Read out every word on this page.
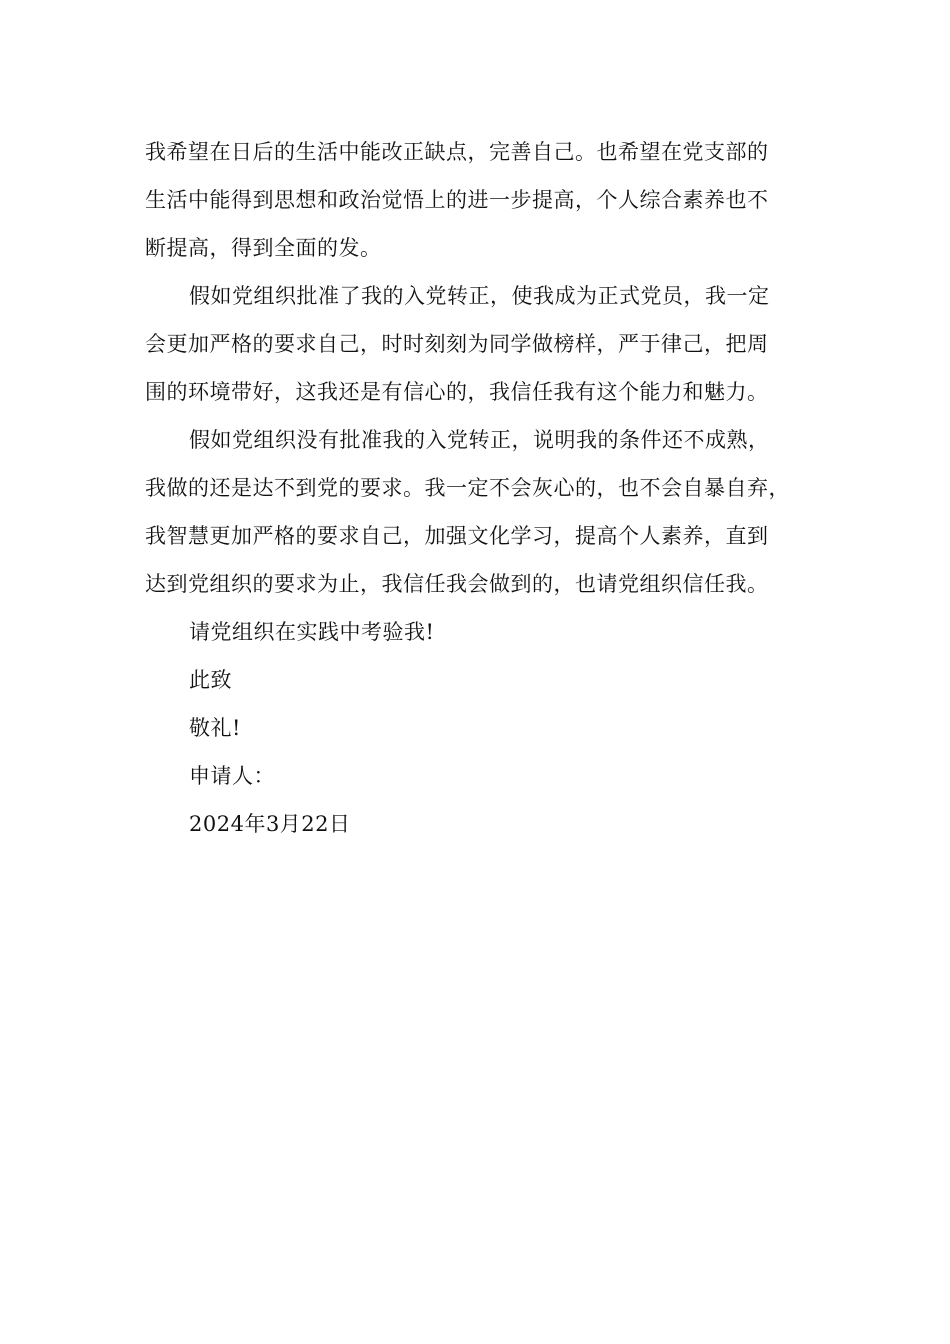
我希望在日后的生活中能改正缺点，完善自己。也希望在党支部的
生活中能得到思想和政治觉悟上的进一步提高，个人综合素养也不
断提高，得到全面的发。
假如党组织批准了我的入党转正，使我成为正式党员，我一定
会更加严格的要求自己，时时刻刻为同学做榜样，严于律己，把周
围的环境带好，这我还是有信心的，我信任我有这个能力和魅力。
假如党组织没有批准我的入党转正，说明我的条件还不成熟，
我做的还是达不到党的要求。我一定不会灰心的，也不会自暴自弃，
我智慧更加严格的要求自己，加强文化学习，提高个人素养，直到
达到党组织的要求为止，我信任我会做到的，也请党组织信任我。
请党组织在实践中考验我!
此致
敬礼!
申请人：
2024年3月22日
